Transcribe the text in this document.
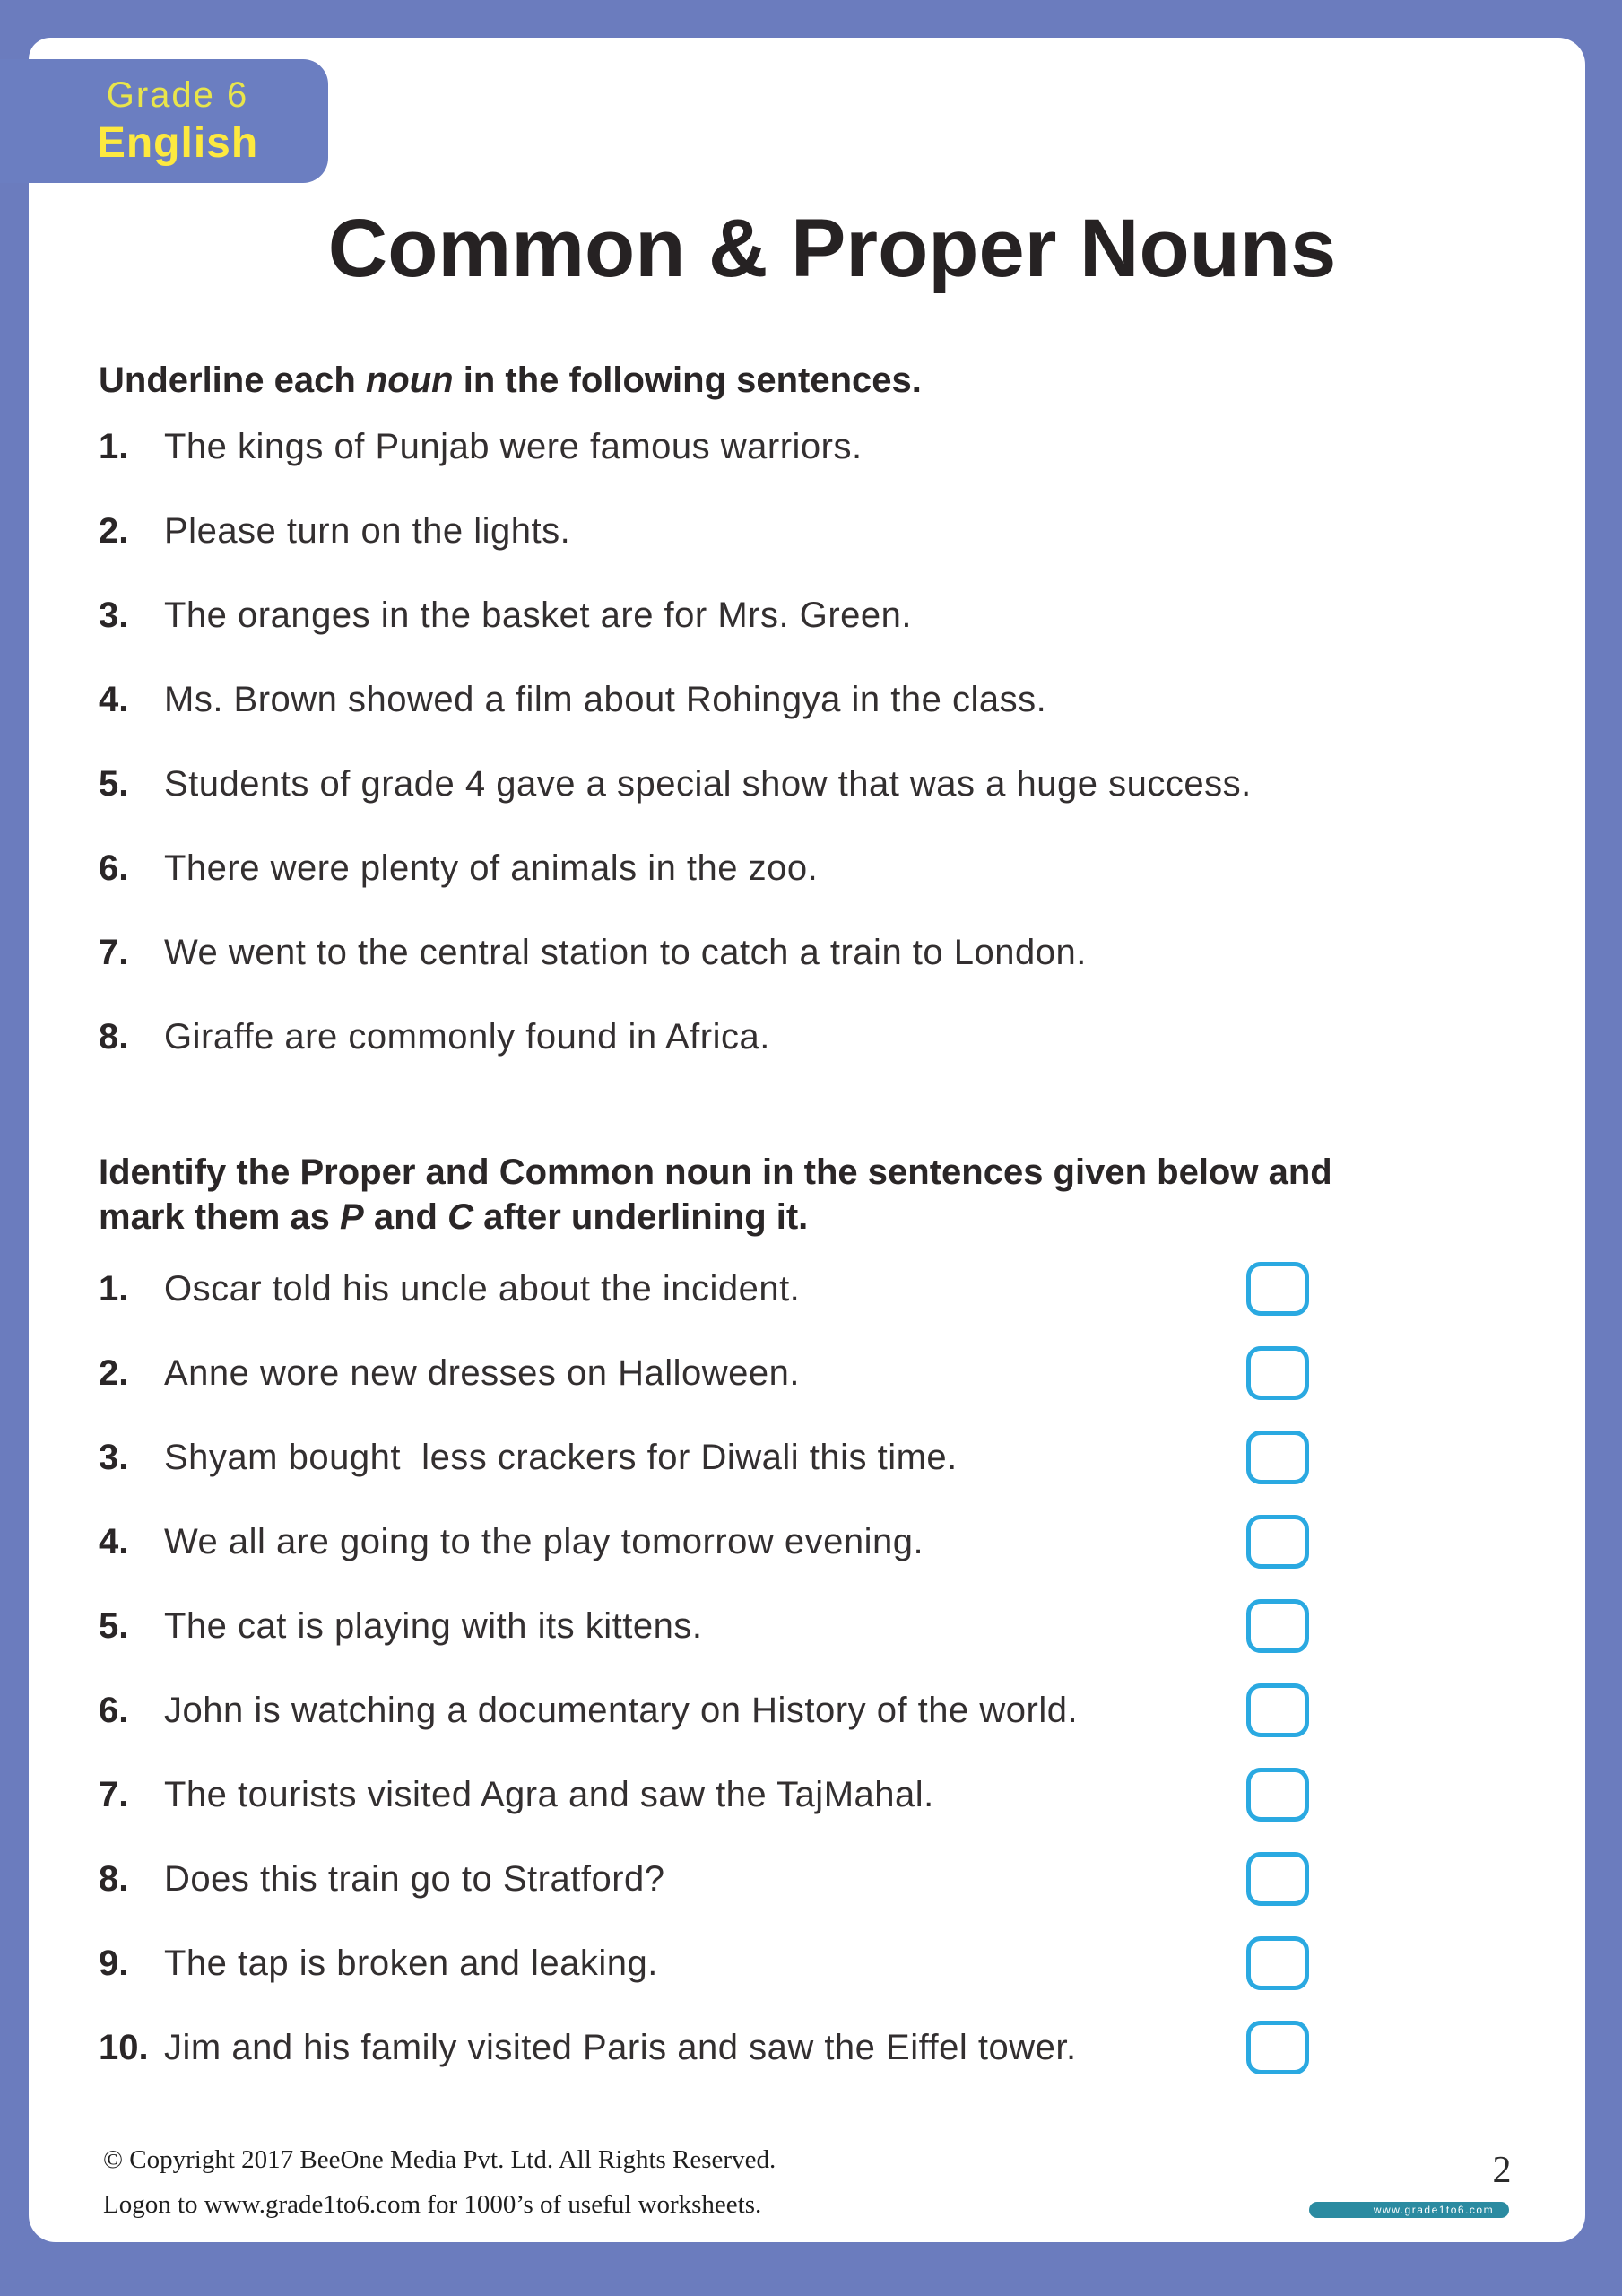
Grade 6
English
Common & Proper Nouns
Underline each noun in the following sentences.
1. The kings of Punjab were famous warriors.
2. Please turn on the lights.
3. The oranges in the basket are for Mrs. Green.
4. Ms. Brown showed a film about Rohingya in the class.
5. Students of grade 4 gave a special show that was a huge success.
6. There were plenty of animals in the zoo.
7. We went to the central station to catch a train to London.
8. Giraffe are commonly found in Africa.
Identify the Proper and Common noun in the sentences given below and
mark them as P and C after underlining it.
1. Oscar told his uncle about the incident.
2. Anne wore new dresses on Halloween.
3. Shyam bought  less crackers for Diwali this time.
4. We all are going to the play tomorrow evening.
5. The cat is playing with its kittens.
6. John is watching a documentary on History of the world.
7. The tourists visited Agra and saw the TajMahal.
8. Does this train go to Stratford?
9. The tap is broken and leaking.
10. Jim and his family visited Paris and saw the Eiffel tower.
© Copyright 2017 BeeOne Media Pvt. Ltd. All Rights Reserved.
Logon to www.grade1to6.com for 1000’s of useful worksheets.
2
www.grade1to6.com
